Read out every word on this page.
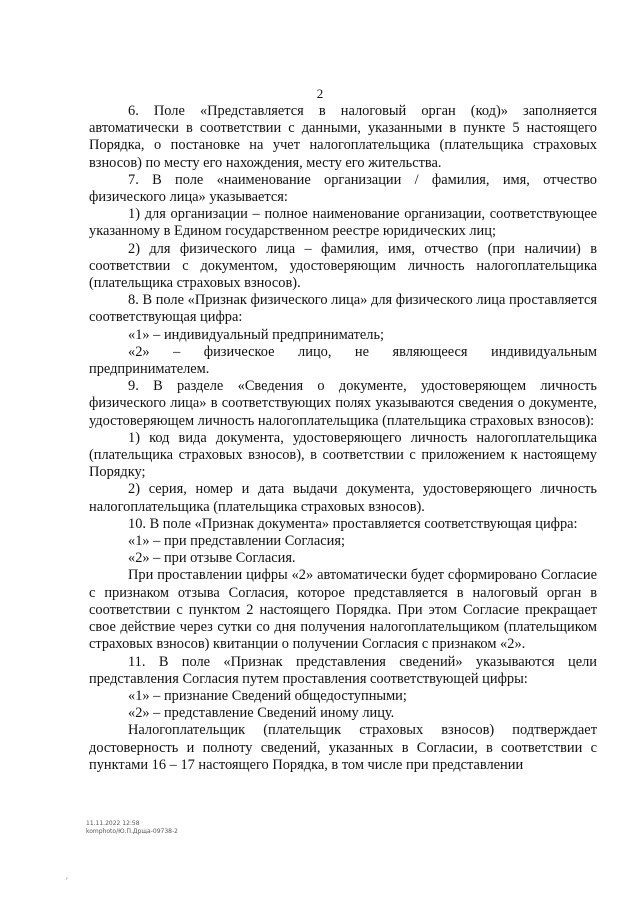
2

6. Поле «Представляется в налоговый орган (код)» заполняется автоматически в соответствии с данными, указанными в пункте 5 настоящего Порядка, о постановке на учет налогоплательщика (плательщика страховых взносов) по месту его нахождения, месту его жительства.

7. В поле «наименование организации / фамилия, имя, отчество физического лица» указывается:

1) для организации – полное наименование организации, соответствующее указанному в Едином государственном реестре юридических лиц;

2) для физического лица – фамилия, имя, отчество (при наличии) в соответствии с документом, удостоверяющим личность налогоплательщика (плательщика страховых взносов).

8. В поле «Признак физического лица» для физического лица проставляется соответствующая цифра:

«1» – индивидуальный предприниматель;

«2» – физическое лицо, не являющееся индивидуальным предпринимателем.

9. В разделе «Сведения о документе, удостоверяющем личность физического лица» в соответствующих полях указываются сведения о документе, удостоверяющем личность налогоплательщика (плательщика страховых взносов):

1) код вида документа, удостоверяющего личность налогоплательщика (плательщика страховых взносов), в соответствии с приложением к настоящему Порядку;

2) серия, номер и дата выдачи документа, удостоверяющего личность налогоплательщика (плательщика страховых взносов).

10. В поле «Признак документа» проставляется соответствующая цифра:

«1» – при представлении Согласия;

«2» – при отзыве Согласия.

При проставлении цифры «2» автоматически будет сформировано Согласие с признаком отзыва Согласия, которое представляется в налоговый орган в соответствии с пунктом 2 настоящего Порядка. При этом Согласие прекращает свое действие через сутки со дня получения налогоплательщиком (плательщиком страховых взносов) квитанции о получении Согласия с признаком «2».

11. В поле «Признак представления сведений» указываются цели представления Согласия путем проставления соответствующей цифры:

«1» – признание Сведений общедоступными;

«2» – представление Сведений иному лицу.

Налогоплательщик (плательщик страховых взносов) подтверждает достоверность и полноту сведений, указанных в Согласии, в соответствии с пунктами 16 – 17 настоящего Порядка, в том числе при представлении

11.11.2022 12:58
komphoto/Ю.П.Дрща-09738-2
′
